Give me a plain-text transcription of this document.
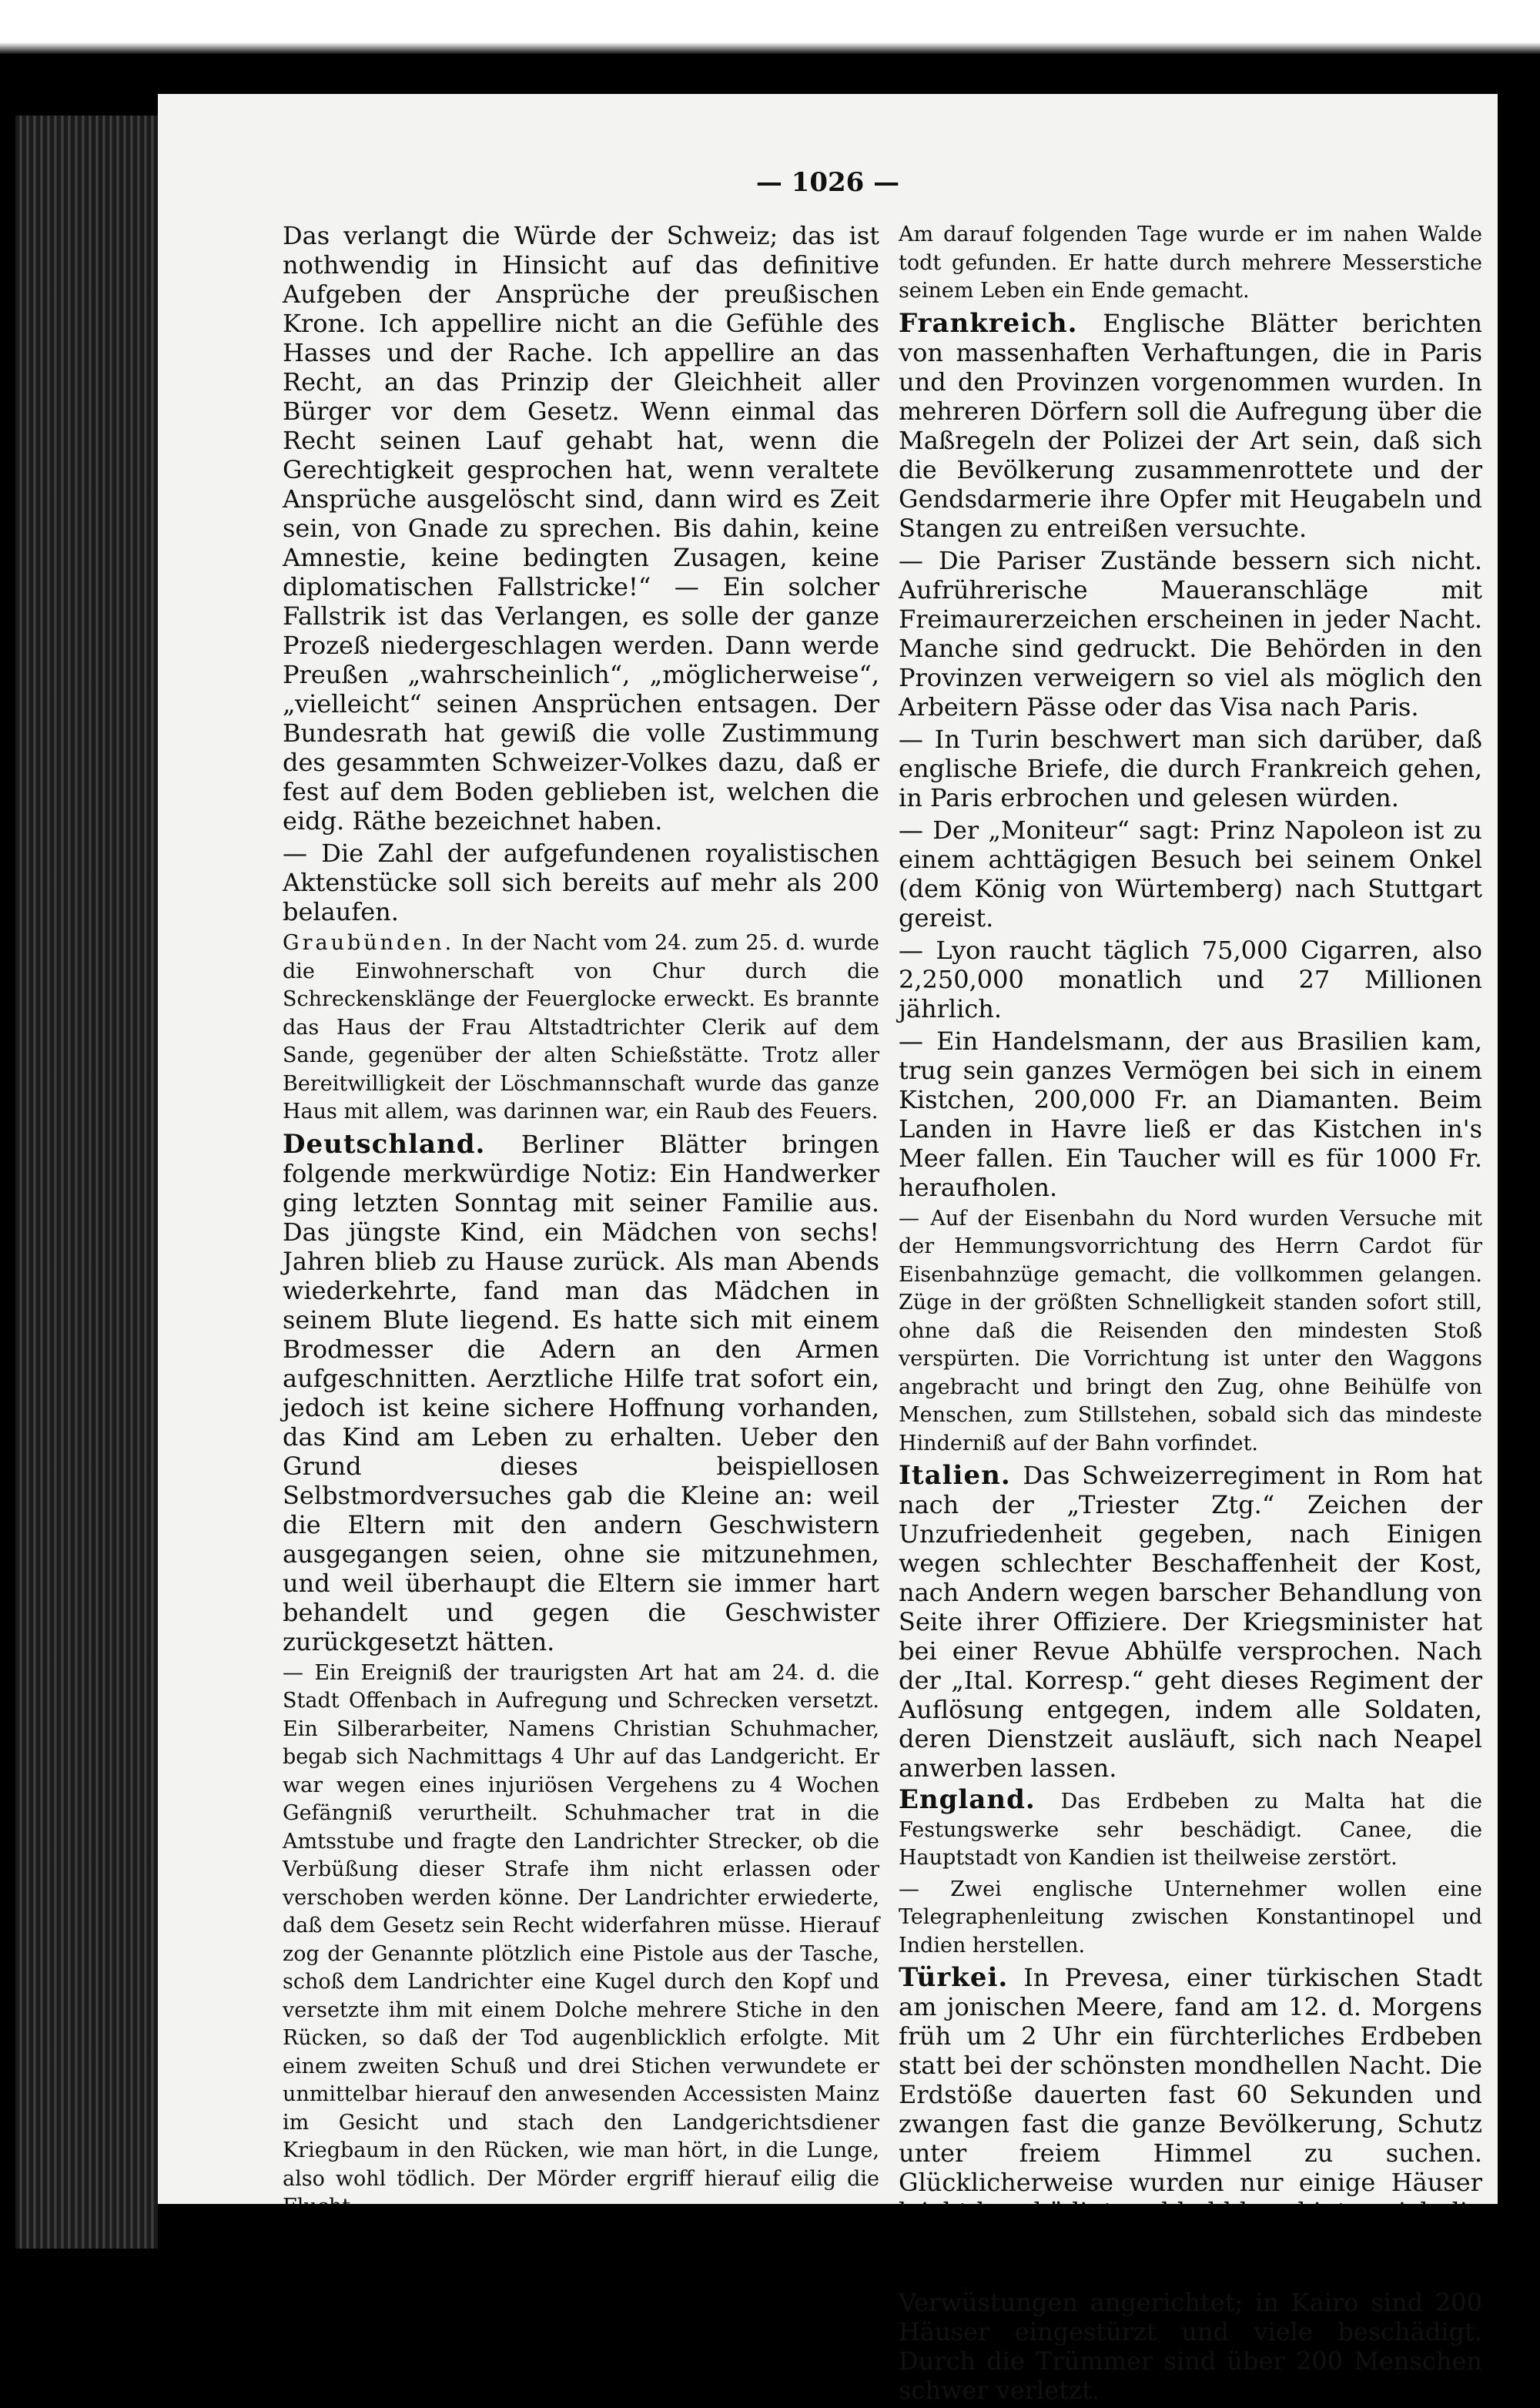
— 1026 —

Das verlangt die Würde der Schweiz; das ist nothwendig in Hinsicht auf das definitive Aufgeben der Ansprüche der preußischen Krone. Ich appellire nicht an die Gefühle des Hasses und der Rache. Ich appellire an das Recht, an das Prinzip der Gleichheit aller Bürger vor dem Gesetz. Wenn einmal das Recht seinen Lauf gehabt hat, wenn die Gerechtigkeit gesprochen hat, wenn veraltete Ansprüche ausgelöscht sind, dann wird es Zeit sein, von Gnade zu sprechen. Bis dahin, keine Amnestie, keine bedingten Zusagen, keine diplomatischen Fallstricke!“ — Ein solcher Fallstrik ist das Verlangen, es solle der ganze Prozeß niedergeschlagen werden. Dann werde Preußen „wahrscheinlich“, „möglicherweise“, „vielleicht“ seinen Ansprüchen entsagen. Der Bundesrath hat gewiß die volle Zustimmung des gesammten Schweizer-Volkes dazu, daß er fest auf dem Boden geblieben ist, welchen die eidg. Räthe bezeichnet haben.

— Die Zahl der aufgefundenen royalistischen Aktenstücke soll sich bereits auf mehr als 200 belaufen.

Graubünden. In der Nacht vom 24. zum 25. d. wurde die Einwohnerschaft von Chur durch die Schreckensklänge der Feuerglocke erweckt. Es brannte das Haus der Frau Altstadtrichter Clerik auf dem Sande, gegenüber der alten Schießstätte. Trotz aller Bereitwilligkeit der Löschmannschaft wurde das ganze Haus mit allem, was darinnen war, ein Raub des Feuers.

Deutschland. Berliner Blätter bringen folgende merkwürdige Notiz: Ein Handwerker ging letzten Sonntag mit seiner Familie aus. Das jüngste Kind, ein Mädchen von sechs! Jahren blieb zu Hause zurück. Als man Abends wiederkehrte, fand man das Mädchen in seinem Blute liegend. Es hatte sich mit einem Brodmesser die Adern an den Armen aufgeschnitten. Aerztliche Hilfe trat sofort ein, jedoch ist keine sichere Hoffnung vorhanden, das Kind am Leben zu erhalten. Ueber den Grund dieses beispiellosen Selbstmordversuches gab die Kleine an: weil die Eltern mit den andern Geschwistern ausgegangen seien, ohne sie mitzunehmen, und weil überhaupt die Eltern sie immer hart behandelt und gegen die Geschwister zurückgesetzt hätten.

— Ein Ereigniß der traurigsten Art hat am 24. d. die Stadt Offenbach in Aufregung und Schrecken versetzt. Ein Silberarbeiter, Namens Christian Schuhmacher, begab sich Nachmittags 4 Uhr auf das Landgericht. Er war wegen eines injuriösen Vergehens zu 4 Wochen Gefängniß verurtheilt. Schuhmacher trat in die Amtsstube und fragte den Landrichter Strecker, ob die Verbüßung dieser Strafe ihm nicht erlassen oder verschoben werden könne. Der Landrichter erwiederte, daß dem Gesetz sein Recht widerfahren müsse. Hierauf zog der Genannte plötzlich eine Pistole aus der Tasche, schoß dem Landrichter eine Kugel durch den Kopf und versetzte ihm mit einem Dolche mehrere Stiche in den Rücken, so daß der Tod augenblicklich erfolgte. Mit einem zweiten Schuß und drei Stichen verwundete er unmittelbar hierauf den anwesenden Accessisten Mainz im Gesicht und stach den Landgerichtsdiener Kriegbaum in den Rücken, wie man hört, in die Lunge, also wohl tödlich. Der Mörder ergriff hierauf eilig die

Am darauf folgenden Tage wurde er im nahen Walde todt gefunden. Er hatte durch mehrere Messerstiche seinem Leben ein Ende gemacht.

Frankreich. Englische Blätter berichten von massenhaften Verhaftungen, die in Paris und den Provinzen vorgenommen wurden. In mehreren Dörfern soll die Aufregung über die Maßregeln der Polizei der Art sein, daß sich die Bevölkerung zusammenrottete und der Gendsdarmerie ihre Opfer mit Heugabeln und Stangen zu entreißen versuchte.

— Die Pariser Zustände bessern sich nicht. Aufrührerische Maueranschläge mit Freimaurerzeichen erscheinen in jeder Nacht. Manche sind gedruckt. Die Behörden in den Provinzen verweigern so viel als möglich den Arbeitern Pässe oder das Visa nach Paris.

— In Turin beschwert man sich darüber, daß englische Briefe, die durch Frankreich gehen, in Paris erbrochen und gelesen würden.

— Der „Moniteur“ sagt: Prinz Napoleon ist zu einem achttägigen Besuch bei seinem Onkel (dem König von Würtemberg) nach Stuttgart gereist.

— Lyon raucht täglich 75,000 Cigarren, also 2,250,000 monatlich und 27 Millionen jährlich.

— Ein Handelsmann, der aus Brasilien kam, trug sein ganzes Vermögen bei sich in einem Kistchen, 200,000 Fr. an Diamanten. Beim Landen in Havre ließ er das Kistchen in's Meer fallen. Ein Taucher will es für 1000 Fr. heraufholen.

— Auf der Eisenbahn du Nord wurden Versuche mit der Hemmungsvorrichtung des Herrn Cardot für Eisenbahnzüge gemacht, die vollkommen gelangen. Züge in der größten Schnelligkeit standen sofort still, ohne daß die Reisenden den mindesten Stoß verspürten. Die Vorrichtung ist unter den Waggons angebracht und bringt den Zug, ohne Beihülfe von Menschen, zum Stillstehen, sobald sich das mindeste Hinderniß auf der Bahn vorfindet.

Italien. Das Schweizerregiment in Rom hat nach der „Triester Ztg.“ Zeichen der Unzufriedenheit gegeben, nach Einigen wegen schlechter Beschaffenheit der Kost, nach Andern wegen barscher Behandlung von Seite ihrer Offiziere. Der Kriegsminister hat bei einer Revue Abhülfe versprochen. Nach der „Ital. Korresp.“ geht dieses Regiment der Auflösung entgegen, indem alle Soldaten, deren Dienstzeit ausläuft, sich nach Neapel anwerben lassen.

England. Das Erdbeben zu Malta hat die Festungswerke sehr beschädigt. Canee, die Hauptstadt von Kandien ist theilweise zerstört.

— Zwei englische Unternehmer wollen eine Telegraphenleitung zwischen Konstantinopel und Indien herstellen.

Türkei. In Prevesa, einer türkischen Stadt am jonischen Meere, fand am 12. d. Morgens früh um 2 Uhr ein fürchterliches Erdbeben statt bei der schönsten mondhellen Nacht. Die Erdstöße dauerten fast 60 Sekunden und zwangen fast die ganze Bevölkerung, Schutz unter freiem Himmel zu suchen. Glücklicherweise wurden nur einige Häuser

Verwüstungen angerichtet; in Kairo sind 200 Häuser eingestürzt und viele beschädigt. Durch die Trümmer sind über 200 Menschen schwer verletzt.
